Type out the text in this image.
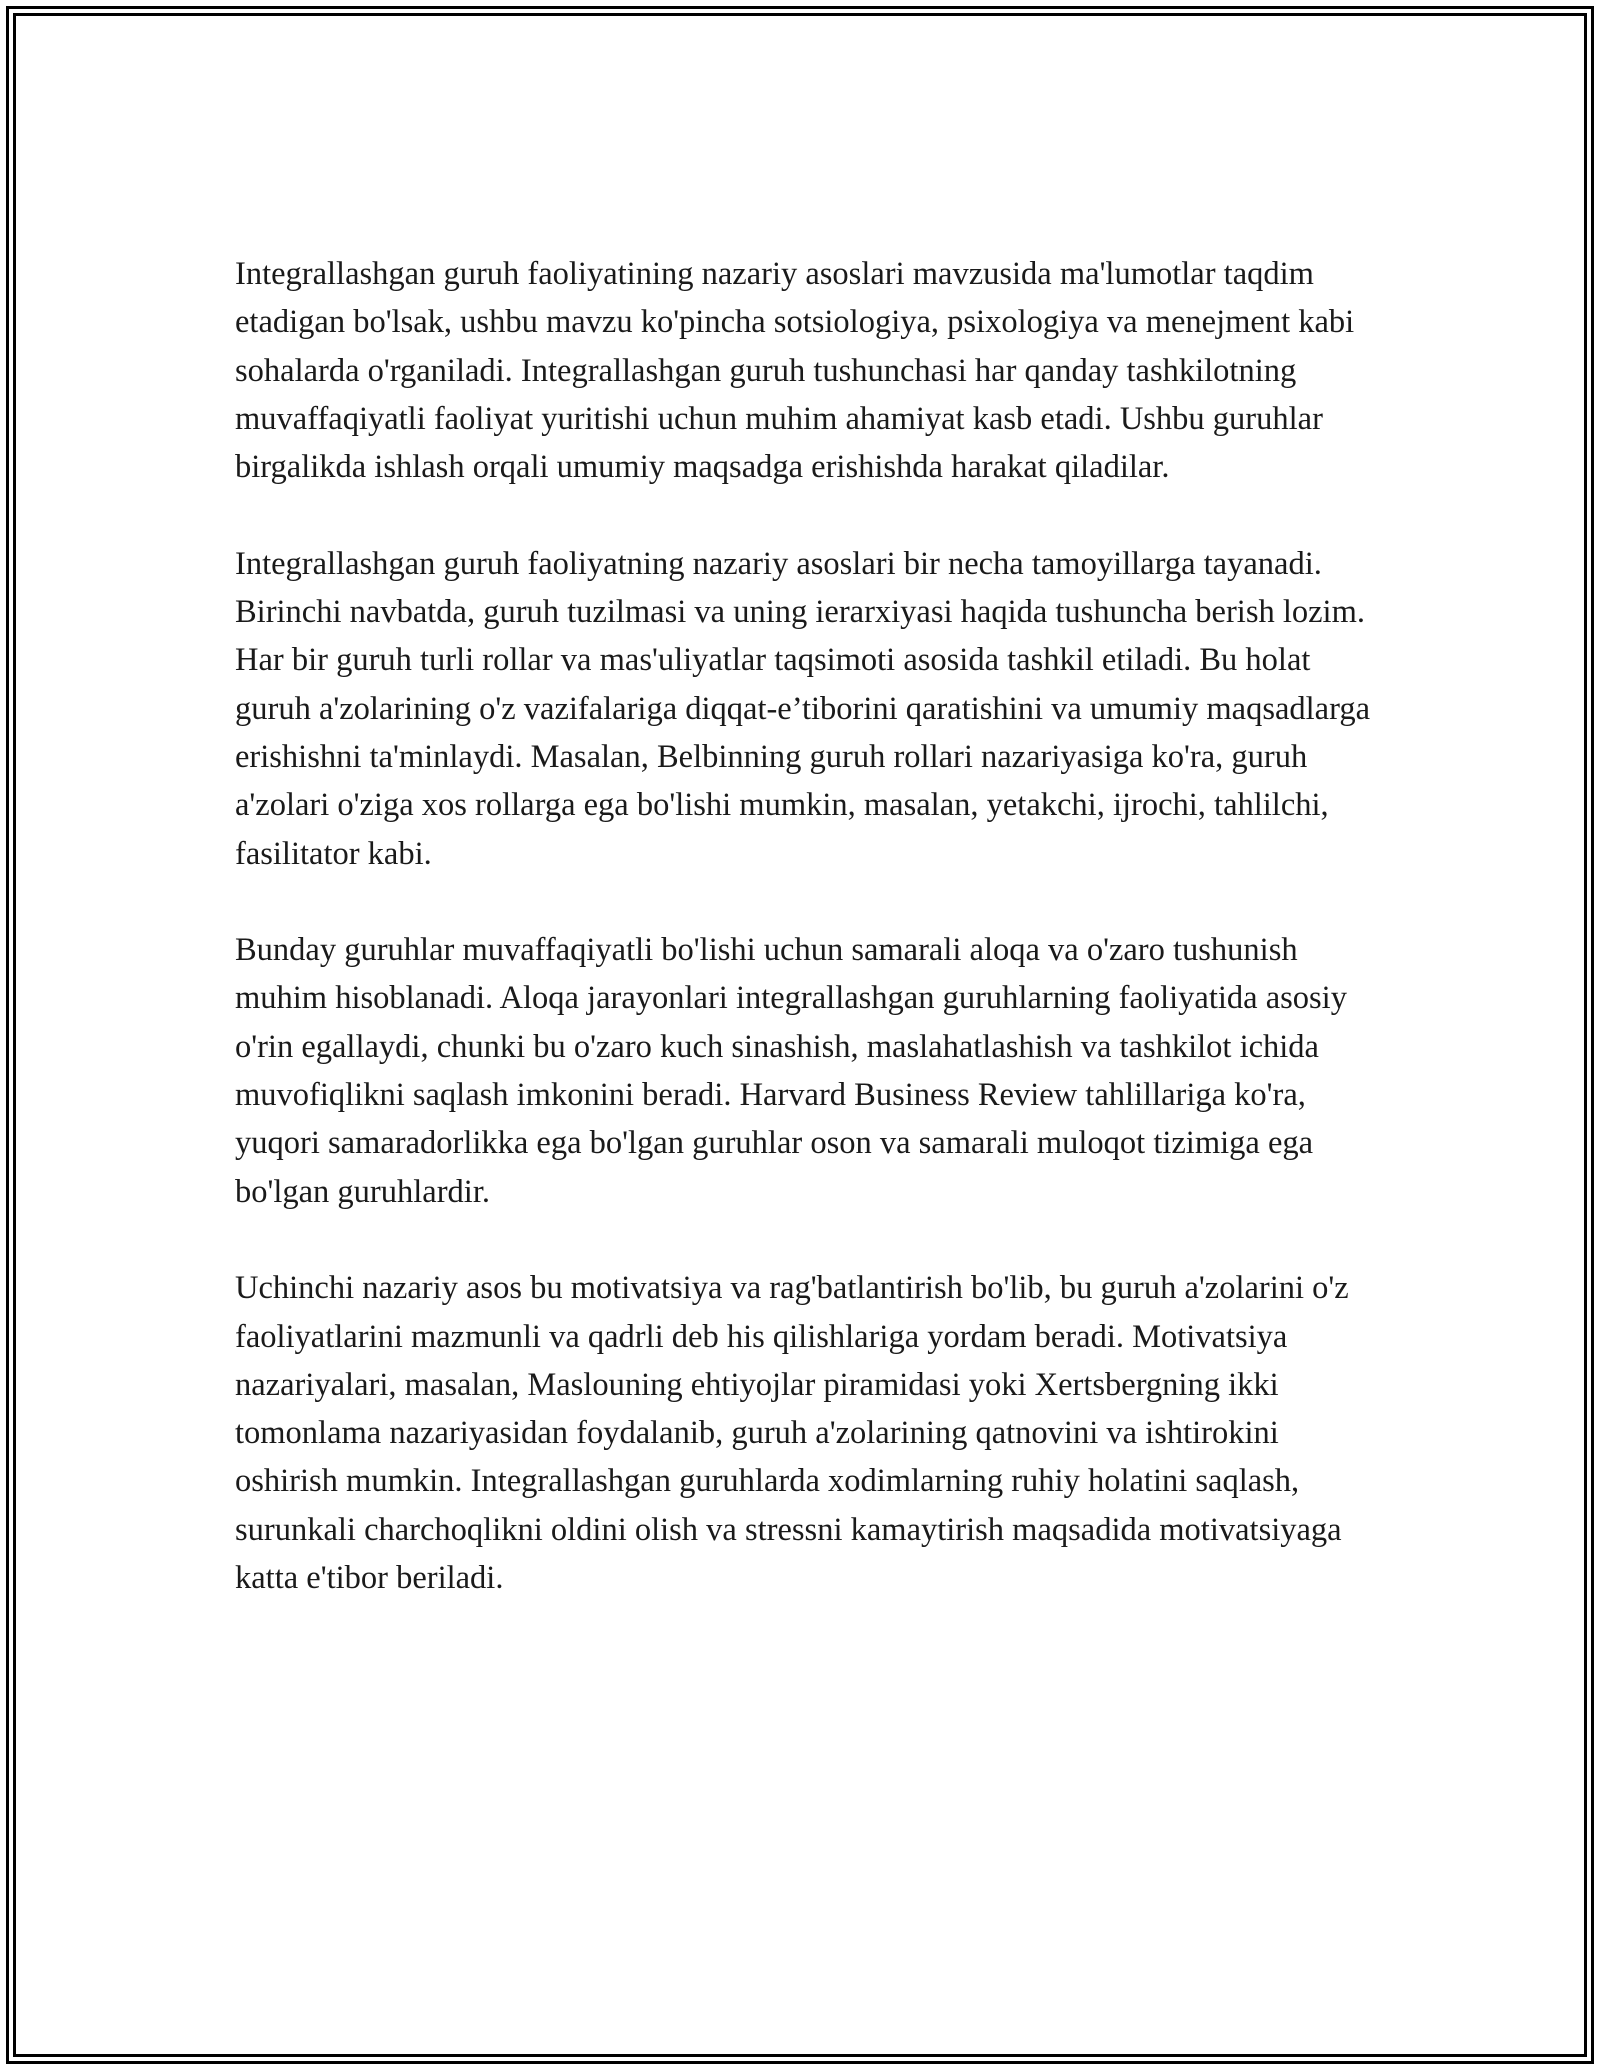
Integrallashgan guruh faoliyatining nazariy asoslari mavzusida ma'lumotlar taqdim etadigan bo'lsak, ushbu mavzu ko'pincha sotsiologiya, psixologiya va menejment kabi sohalarda o'rganiladi. Integrallashgan guruh tushunchasi har qanday tashkilotning muvaffaqiyatli faoliyat yuritishi uchun muhim ahamiyat kasb etadi. Ushbu guruhlar birgalikda ishlash orqali umumiy maqsadga erishishda harakat qiladilar.

Integrallashgan guruh faoliyatning nazariy asoslari bir necha tamoyillarga tayanadi. Birinchi navbatda, guruh tuzilmasi va uning ierarxiyasi haqida tushuncha berish lozim. Har bir guruh turli rollar va mas'uliyatlar taqsimoti asosida tashkil etiladi. Bu holat guruh a'zolarining o'z vazifalariga diqqat-e’tiborini qaratishini va umumiy maqsadlarga erishishni ta'minlaydi. Masalan, Belbinning guruh rollari nazariyasiga ko'ra, guruh a'zolari o'ziga xos rollarga ega bo'lishi mumkin, masalan, yetakchi, ijrochi, tahlilchi, fasilitator kabi.

Bunday guruhlar muvaffaqiyatli bo'lishi uchun samarali aloqa va o'zaro tushunish muhim hisoblanadi. Aloqa jarayonlari integrallashgan guruhlarning faoliyatida asosiy o'rin egallaydi, chunki bu o'zaro kuch sinashish, maslahatlashish va tashkilot ichida muvofiqlikni saqlash imkonini beradi. Harvard Business Review tahlillariga ko'ra, yuqori samaradorlikka ega bo'lgan guruhlar oson va samarali muloqot tizimiga ega bo'lgan guruhlardir.

Uchinchi nazariy asos bu motivatsiya va rag'batlantirish bo'lib, bu guruh a'zolarini o'z faoliyatlarini mazmunli va qadrli deb his qilishlariga yordam beradi. Motivatsiya nazariyalari, masalan, Maslouning ehtiyojlar piramidasi yoki Xertsbergning ikki tomonlama nazariyasidan foydalanib, guruh a'zolarining qatnovini va ishtirokini oshirish mumkin. Integrallashgan guruhlarda xodimlarning ruhiy holatini saqlash, surunkali charchoqlikni oldini olish va stressni kamaytirish maqsadida motivatsiyaga katta e'tibor beriladi.
